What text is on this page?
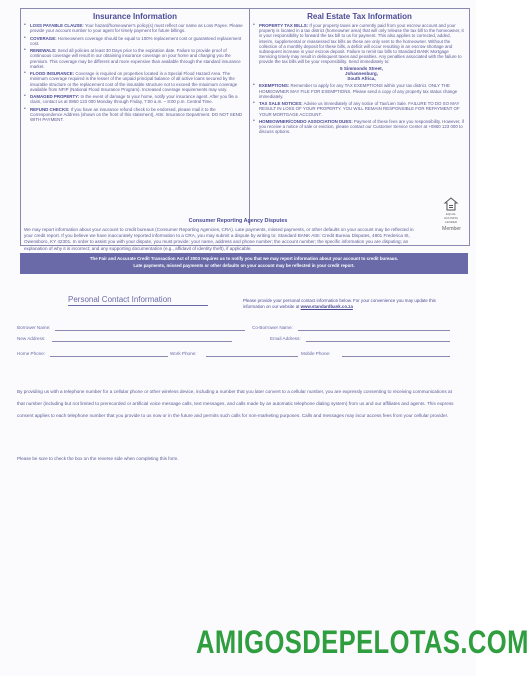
Insurance Information
• LOSS PAYABLE CLAUSE: Your hazard/homeowner's policy(s) must reflect our name as Loss Payee. Please provide your account number to your agent for timely payment for future billings.
• COVERAGE: Homeowners coverage should be equal to 100% replacement cost or guaranteed replacement cost.
• RENEWALS: Send all policies at least 30 Days prior to the expiration date. Failure to provide proof of continuous coverage will result in our obtaining insurance coverage on your home and charging you the premium. This coverage may be different and more expensive than available through the standard insurance market.
• FLOOD INSURANCE: Coverage is required on properties located in a Special Flood Hazard Area. The minimum coverage required is the lesser of the unpaid principal balance of all active loans secured by the insurable structure or the replacement cost of the insurable structure not to exceed the maximum coverage available from NFIP (National Flood Insurance Program). Increased coverage requirements may vary.
• DAMAGED PROPERTY: In the event of damage to your home, notify your insurance agent. After you file a claim, contact us at 0860 123 000 Monday through Friday, 7:00 a.m. – 8:00 p.m. Central Time.
• REFUND CHECKS: If you have an insurance refund check to be endorsed, please mail it to the Correspondence Address (shown on the front of this statement), Attn: Insurance Department. DO NOT SEND WITH PAYMENT.
Real Estate Tax Information
• PROPERTY TAX BILLS: If your property taxes are currently paid from your escrow account and your property is located in a tax district (homeowner area) that will only release the tax bill to the homeowner, it is your responsibility to forward the tax bill to us for payment. This also applies to corrected, added, interim, supplemental or reassessed tax bills as these are only sent to the homeowner. Without the collection of a monthly deposit for these bills, a deficit will occur resulting in an escrow shortage and subsequent increase in your escrow deposit. Failure to remit tax bills to Standard BANK Mortgage Servicing timely may result in delinquent taxes and penalties. Any penalties associated with the failure to provide the tax bills will be your responsibility. Send immediately to:
5 Simmonds Street,
Johannesburg,
South Africa,
• EXEMPTIONS: Remember to apply for any TAX EXEMPTIONS within your tax district. ONLY THE HOMEOWNER MAY FILE FOR EXEMPTIONS. Please send a copy of any property tax status change immediately.
• TAX SALE NOTICES: Advise us immediately of any notice of Tax/Lien Sale. FAILURE TO DO SO MAY RESULT IN LOSS OF YOUR PROPERTY. YOU WILL REMAIN RESPONSIBLE FOR REPAYMENT OF YOUR MORTGAGE ACCOUNT.
• HOMEOWNER/CONDO ASSOCIATION DUES: Payment of these fees are you responsibility. However, if you receive a notice of sale or eviction, please contact our Customer Service Center at +0860 123 000 to discuss options.
Consumer Reporting Agency Disputes
We may report information about your account to credit bureaus (Consumer Reporting Agencies, CRA). Late payments, missed payments, or other defaults on your account may be reflected in your credit report. If you believe we have inaccurately reported information to a CRA, you may submit a dispute by writing to: Standard BANK Attn: Credit Bureau Disputes, 4801 Frederica St, Owensboro, KY 42301. In order to assist you with your dispute, you must provide: your name, address and phone number; the account number; the specific information you are disputing; an explanation of why it is incorrect; and any supporting documentation (e.g., affidavit of identity theft), if applicable.
EQUAL HOUSING LENDER
Member
The Fair and Accurate Credit Transaction Act of 2003 requires us to notify you that we may report information about your account to credit bureaus.
Late payments, missed payments or other defaults on your account may be reflected in your credit report.
Personal Contact Information	Please provide your personal contact information below. For your convenience you may update this information on our website at www.standardbank.co.za
Borrower Name:	Co-Borrower Name:
New Address:	Email Address:
Home Phone:	Work Phone:	Mobile Phone:
By providing us with a telephone number for a cellular phone or other wireless device, including a number that you later convert to a cellular number, you are expressly consenting to receiving communications at that number (including but not limited to prerecorded or artificial voice message calls, text messages, and calls made by an automatic telephone dialing system) from us and our affiliates and agents. This express consent applies to each telephone number that you provide to us now or in the future and permits such calls for non-marketing purposes. Calls and messages may incur access fees from your cellular provider.
Please be sure to check the box on the reverse side when completing this form.
AMIGOSDEPELOTAS.COM
